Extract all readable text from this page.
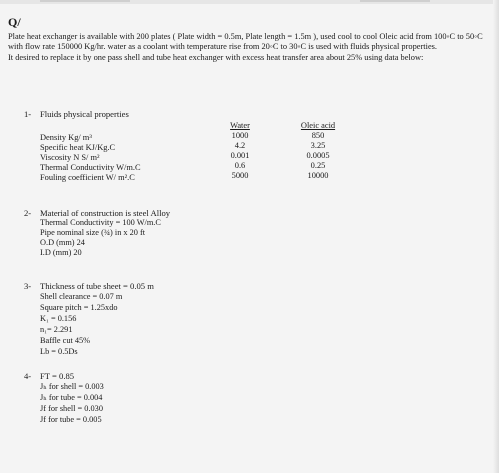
Q/
Plate heat exchanger is available with 200 plates ( Plate width = 0.5m, Plate length = 1.5m ), used cool to cool Oleic acid from 100◦C to 50◦C with flow rate 150000 Kg/hr. water as a coolant with temperature rise from 20◦C to 30◦C is used with fluids physical properties.
It desired to replace it by one pass shell and tube heat exchanger with excess heat transfer area about 25% using data below:
1- Fluids physical properties
Density Kg/ m³
Specific heat KJ/Kg.C
Viscosity N S/ m²
Thermal Conductivity W/m.C
Fouling coefficient W/ m².C
Water
1000
4.2
0.001
0.6
5000
Oleic acid
850
3.25
0.0005
0.25
10000
2- Material of construction is steel Alloy
Thermal Conductivity = 100 W/m.C
Pipe nominal size (¾) in x 20 ft
O.D (mm) 24
I.D (mm) 20
3- Thickness of tube sheet = 0.05 m
Shell clearance = 0.07 m
Square pitch = 1.25xdo
K₁ = 0.156
n₁= 2.291
Baffle cut 45%
Lb = 0.5Ds
4- FT = 0.85
Jₕ for shell = 0.003
Jₕ for tube = 0.004
Jf for shell = 0.030
Jf for tube = 0.005
